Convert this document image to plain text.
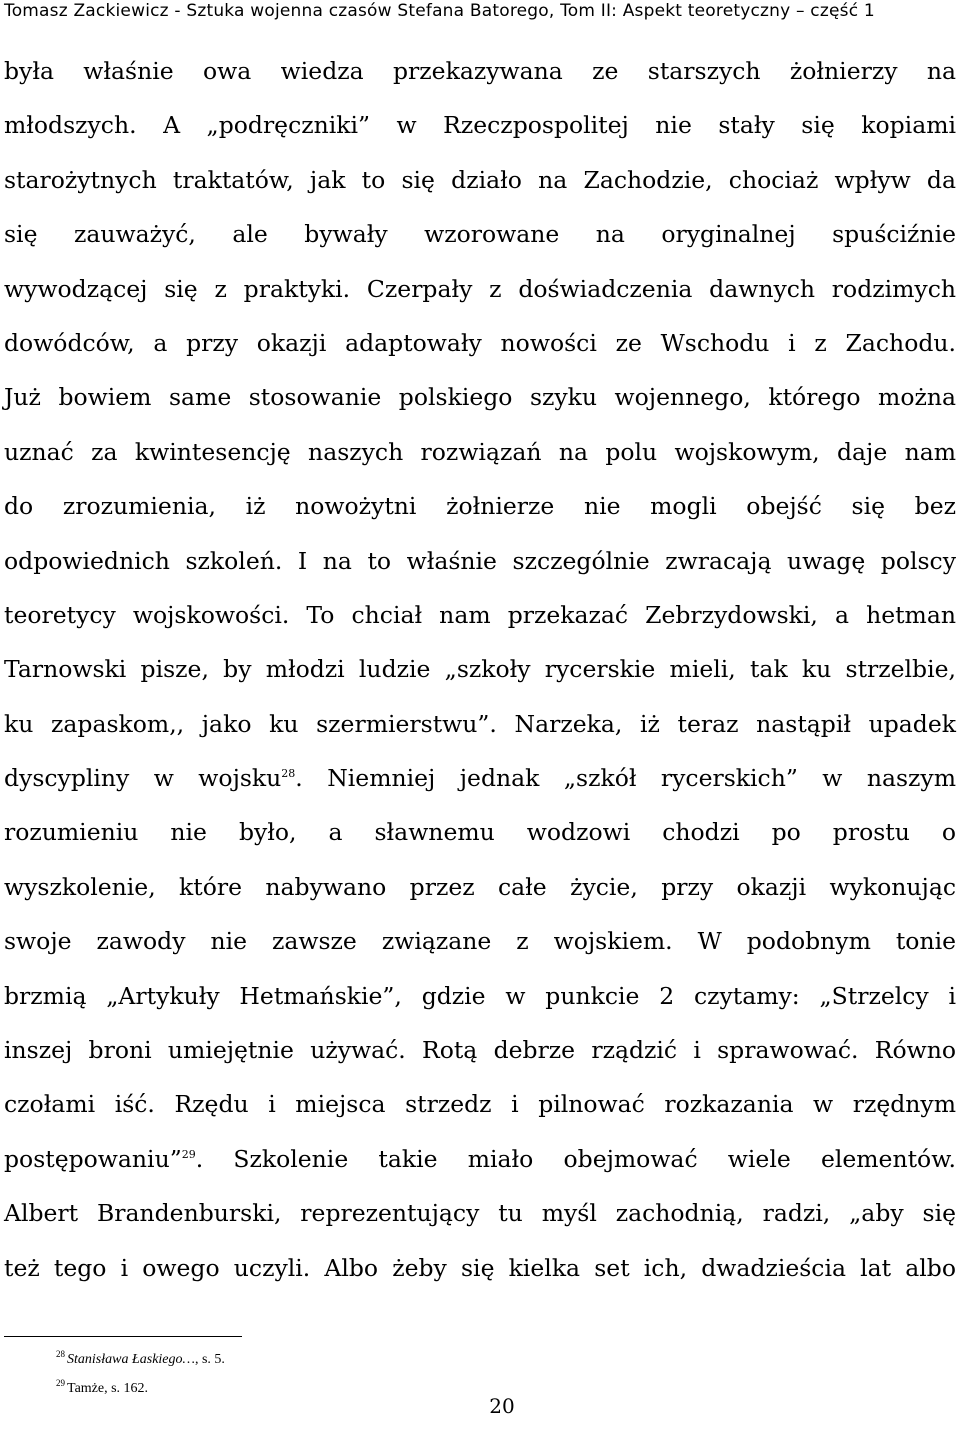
Tomasz Zackiewicz - Sztuka wojenna czasów Stefana Batorego, Tom II: Aspekt teoretyczny – część 1
była właśnie owa wiedza przekazywana ze starszych żołnierzy na
młodszych. A „podręczniki” w Rzeczpospolitej nie stały się kopiami
starożytnych traktatów, jak to się działo na Zachodzie, chociaż wpływ da
się zauważyć, ale bywały wzorowane na oryginalnej spuściźnie
wywodzącej się z praktyki. Czerpały z doświadczenia dawnych rodzimych
dowódców, a przy okazji adaptowały nowości ze Wschodu i z Zachodu.
Już bowiem same stosowanie polskiego szyku wojennego, którego można
uznać za kwintesencję naszych rozwiązań na polu wojskowym, daje nam
do zrozumienia, iż nowożytni żołnierze nie mogli obejść się bez
odpowiednich szkoleń. I na to właśnie szczególnie zwracają uwagę polscy
teoretycy wojskowości. To chciał nam przekazać Zebrzydowski, a hetman
Tarnowski pisze, by młodzi ludzie „szkoły rycerskie mieli, tak ku strzelbie,
ku zapaskom,, jako ku szermierstwu”. Narzeka, iż teraz nastąpił upadek
dyscypliny w wojsku$^{28}$. Niemniej jednak „szkół rycerskich” w naszym
rozumieniu nie było, a sławnemu wodzowi chodzi po prostu o
wyszkolenie, które nabywano przez całe życie, przy okazji wykonując
swoje zawody nie zawsze związane z wojskiem. W podobnym tonie
brzmią „Artykuły Hetmańskie”, gdzie w punkcie 2 czytamy: „Strzelcy i
inszej broni umiejętnie używać. Rotą debrze rządzić i sprawować. Równo
czołami iść. Rzędu i miejsca strzedz i pilnować rozkazania w rzędnym
postępowaniu”$^{29}$. Szkolenie takie miało obejmować wiele elementów.
Albert Brandenburski, reprezentujący tu myśl zachodnią, radzi, „aby się
też tego i owego uczyli. Albo żeby się kielka set ich, dwadzieścia lat albo
$^{28}$ Stanisława Łaskiego…, s. 5.
$^{29}$ Tamże, s. 162.
20
